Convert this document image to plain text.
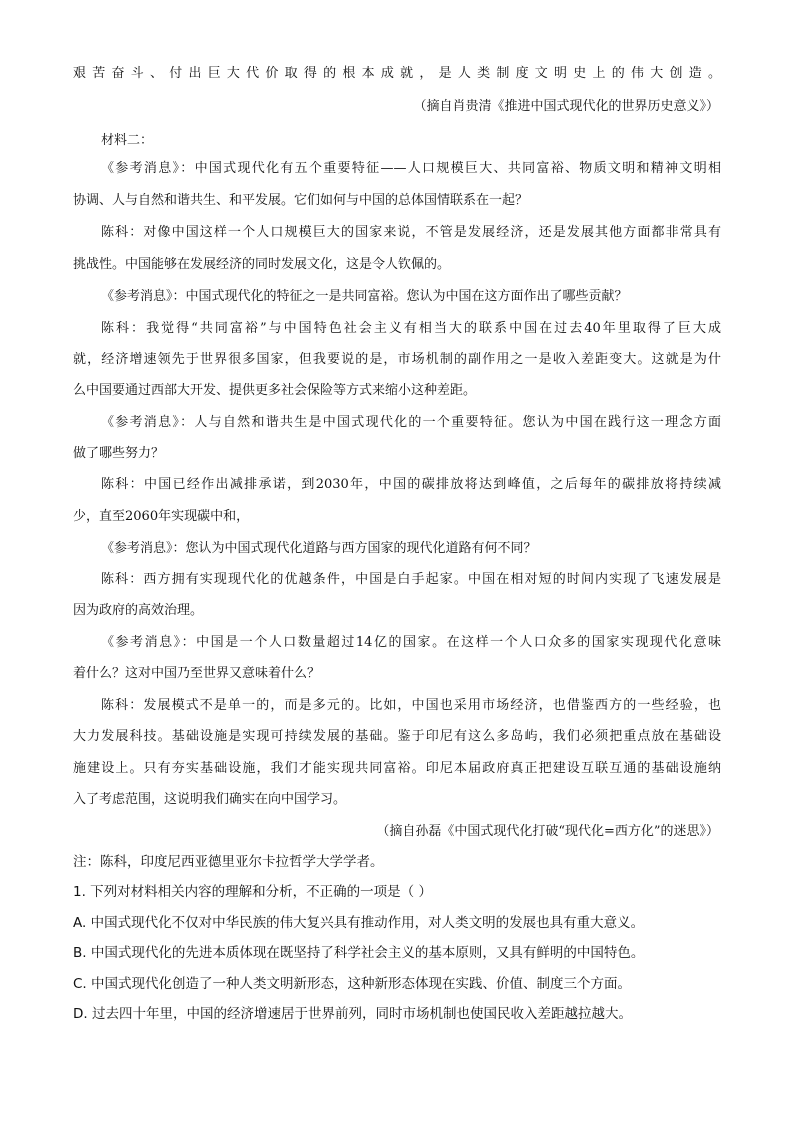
艰苦奋斗、付出巨大代价取得的根本成就，是人类制度文明史上的伟大创造。
（摘自肖贵清《推进中国式现代化的世界历史意义》）
材料二：
《参考消息》：中国式现代化有五个重要特征——人口规模巨大、共同富裕、物质文明和精神文明相
协调、人与自然和谐共生、和平发展。它们如何与中国的总体国情联系在一起？
陈科：对像中国这样一个人口规模巨大的国家来说，不管是发展经济，还是发展其他方面都非常具有
挑战性。中国能够在发展经济的同时发展文化，这是令人钦佩的。
《参考消息》：中国式现代化的特征之一是共同富裕。您认为中国在这方面作出了哪些贡献？
陈科：我觉得“共同富裕”与中国特色社会主义有相当大的联系中国在过去40年里取得了巨大成
就，经济增速领先于世界很多国家，但我要说的是，市场机制的副作用之一是收入差距变大。这就是为什
么中国要通过西部大开发、提供更多社会保险等方式来缩小这种差距。
《参考消息》：人与自然和谐共生是中国式现代化的一个重要特征。您认为中国在践行这一理念方面
做了哪些努力？
陈科：中国已经作出减排承诺，到2030年，中国的碳排放将达到峰值，之后每年的碳排放将持续减
少，直至2060年实现碳中和，
《参考消息》：您认为中国式现代化道路与西方国家的现代化道路有何不同？
陈科：西方拥有实现现代化的优越条件，中国是白手起家。中国在相对短的时间内实现了飞速发展是
因为政府的高效治理。
《参考消息》：中国是一个人口数量超过14亿的国家。在这样一个人口众多的国家实现现代化意味
着什么？这对中国乃至世界又意味着什么？
陈科：发展模式不是单一的，而是多元的。比如，中国也采用市场经济，也借鉴西方的一些经验，也
大力发展科技。基础设施是实现可持续发展的基础。鉴于印尼有这么多岛屿，我们必须把重点放在基础设
施建设上。只有夯实基础设施，我们才能实现共同富裕。印尼本届政府真正把建设互联互通的基础设施纳
入了考虑范围，这说明我们确实在向中国学习。
（摘自孙磊《中国式现代化打破“现代化=西方化”的迷思》）
注：陈科，印度尼西亚德里亚尔卡拉哲学大学学者。
1. 下列对材料相关内容的理解和分析，不正确的一项是（ ）
A. 中国式现代化不仅对中华民族的伟大复兴具有推动作用，对人类文明的发展也具有重大意义。
B. 中国式现代化的先进本质体现在既坚持了科学社会主义的基本原则，又具有鲜明的中国特色。
C. 中国式现代化创造了一种人类文明新形态，这种新形态体现在实践、价值、制度三个方面。
D. 过去四十年里，中国的经济增速居于世界前列，同时市场机制也使国民收入差距越拉越大。
